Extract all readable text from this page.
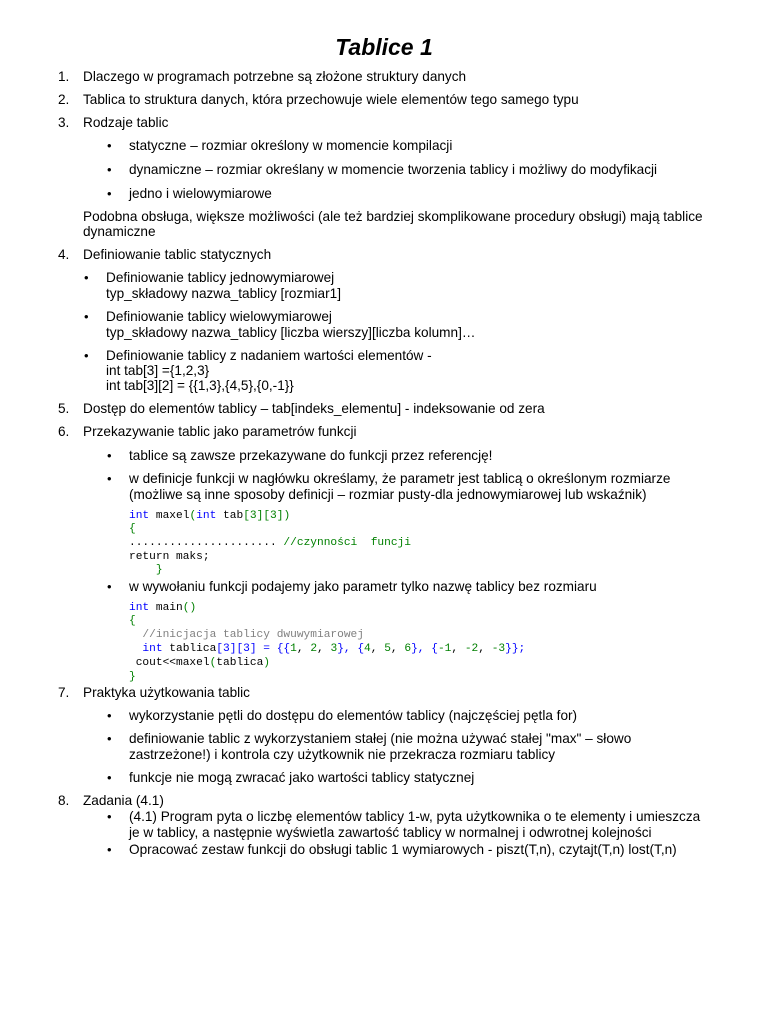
Tablice 1
1. Dlaczego w programach potrzebne są złożone struktury danych
2. Tablica to struktura danych, która przechowuje wiele elementów tego samego typu
3. Rodzaje tablic
• statyczne – rozmiar określony w momencie kompilacji
• dynamiczne – rozmiar określany w momencie tworzenia tablicy i możliwy do modyfikacji
• jedno i wielowymiarowe
Podobna obsługa, większe możliwości (ale też bardziej skomplikowane procedury obsługi) mają tablice
dynamiczne
4. Definiowanie tablic statycznych
• Definiowanie tablicy jednowymiarowej
typ_składowy nazwa_tablicy [rozmiar1]
• Definiowanie tablicy wielowymiarowej
typ_składowy nazwa_tablicy [liczba wierszy][liczba kolumn]…
• Definiowanie tablicy z nadaniem wartości elementów -
int tab[3] ={1,2,3}
int tab[3][2] = {{1,3},{4,5},{0,-1}}
5. Dostęp do elementów tablicy – tab[indeks_elementu] - indeksowanie od zera
6. Przekazywanie tablic jako parametrów funkcji
• tablice są zawsze przekazywane do funkcji przez referencję!
• w definicje funkcji w nagłówku określamy, że parametr jest tablicą o określonym rozmiarze
(możliwe są inne sposoby definicji – rozmiar pusty-dla jednowymiarowej lub wskaźnik)
int maxel(int tab[3][3])
{
...................... //czynności  funcji
return maks;
}
• w wywołaniu funkcji podajemy jako parametr tylko nazwę tablicy bez rozmiaru
int main()
{
//inicjacja tablicy dwuwymiarowej
int tablica[3][3] = {{1, 2, 3}, {4, 5, 6}, {-1, -2, -3}};
cout<<maxel(tablica)
}
7. Praktyka użytkowania tablic
• wykorzystanie pętli do dostępu do elementów tablicy (najczęściej pętla for)
• definiowanie tablic z wykorzystaniem stałej (nie można używać stałej "max" – słowo
zastrzeżone!) i kontrola czy użytkownik nie przekracza rozmiaru tablicy
• funkcje nie mogą zwracać jako wartości tablicy statycznej
8. Zadania (4.1)
• (4.1) Program pyta o liczbę elementów tablicy 1-w, pyta użytkownika o te elementy i umieszcza
je w tablicy, a następnie wyświetla zawartość tablicy w normalnej i odwrotnej kolejności
• Opracować zestaw funkcji do obsługi tablic 1 wymiarowych - piszt(T,n), czytajt(T,n) lost(T,n)
